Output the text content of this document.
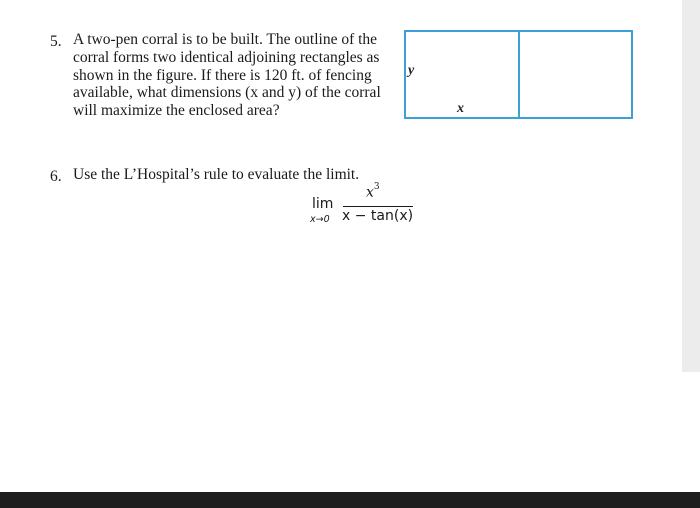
5. A two-pen corral is to be built. The outline of the
corral forms two identical adjoining rectangles as
shown in the figure. If there is 120 ft. of fencing
available, what dimensions (x and y) of the corral
will maximize the enclosed area?
y
x
6. Use the L’Hospital’s rule to evaluate the limit.
lim
x→0
$x^3$
x − tan(x)
